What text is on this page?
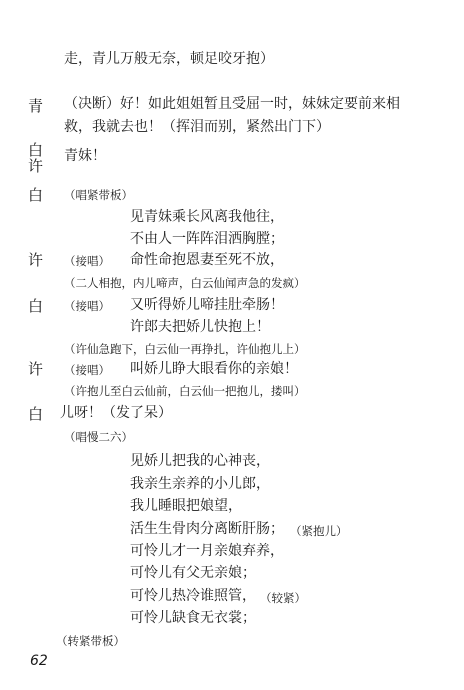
走，青儿万般无奈，顿足咬牙抱）
青 （决断）好！如此姐姐暂且受屈一时，妹妹定要前来相
救，我就去也！（挥泪而别，紧然出门下）
白
许
青妹！
白 （唱紧带板）
见青妹乘长风离我他往，
不由人一阵阵泪洒胸膛；
许 （接唱） 命性命抱恩妻至死不放，
（二人相抱，内儿啼声，白云仙闻声急的发疯）
白 （接唱） 又听得娇儿啼挂肚牵肠！
许郎夫把娇儿快抱上！
（许仙急跑下，白云仙一再挣扎，许仙抱儿上）
许 （接唱） 叫娇儿睁大眼看你的亲娘！
（许抱儿至白云仙前，白云仙一把抱儿，搂叫）
白 儿呀！（发了呆）
（唱慢二六）
见娇儿把我的心神丧，
我亲生亲养的小儿郎，
我儿睡眼把娘望，
活生生骨肉分离断肝肠； （紧抱儿）
可怜儿才一月亲娘弃养，
可怜儿有父无亲娘；
可怜儿热冷谁照管， （较紧）
可怜儿缺食无衣裳；
（转紧带板）
62
